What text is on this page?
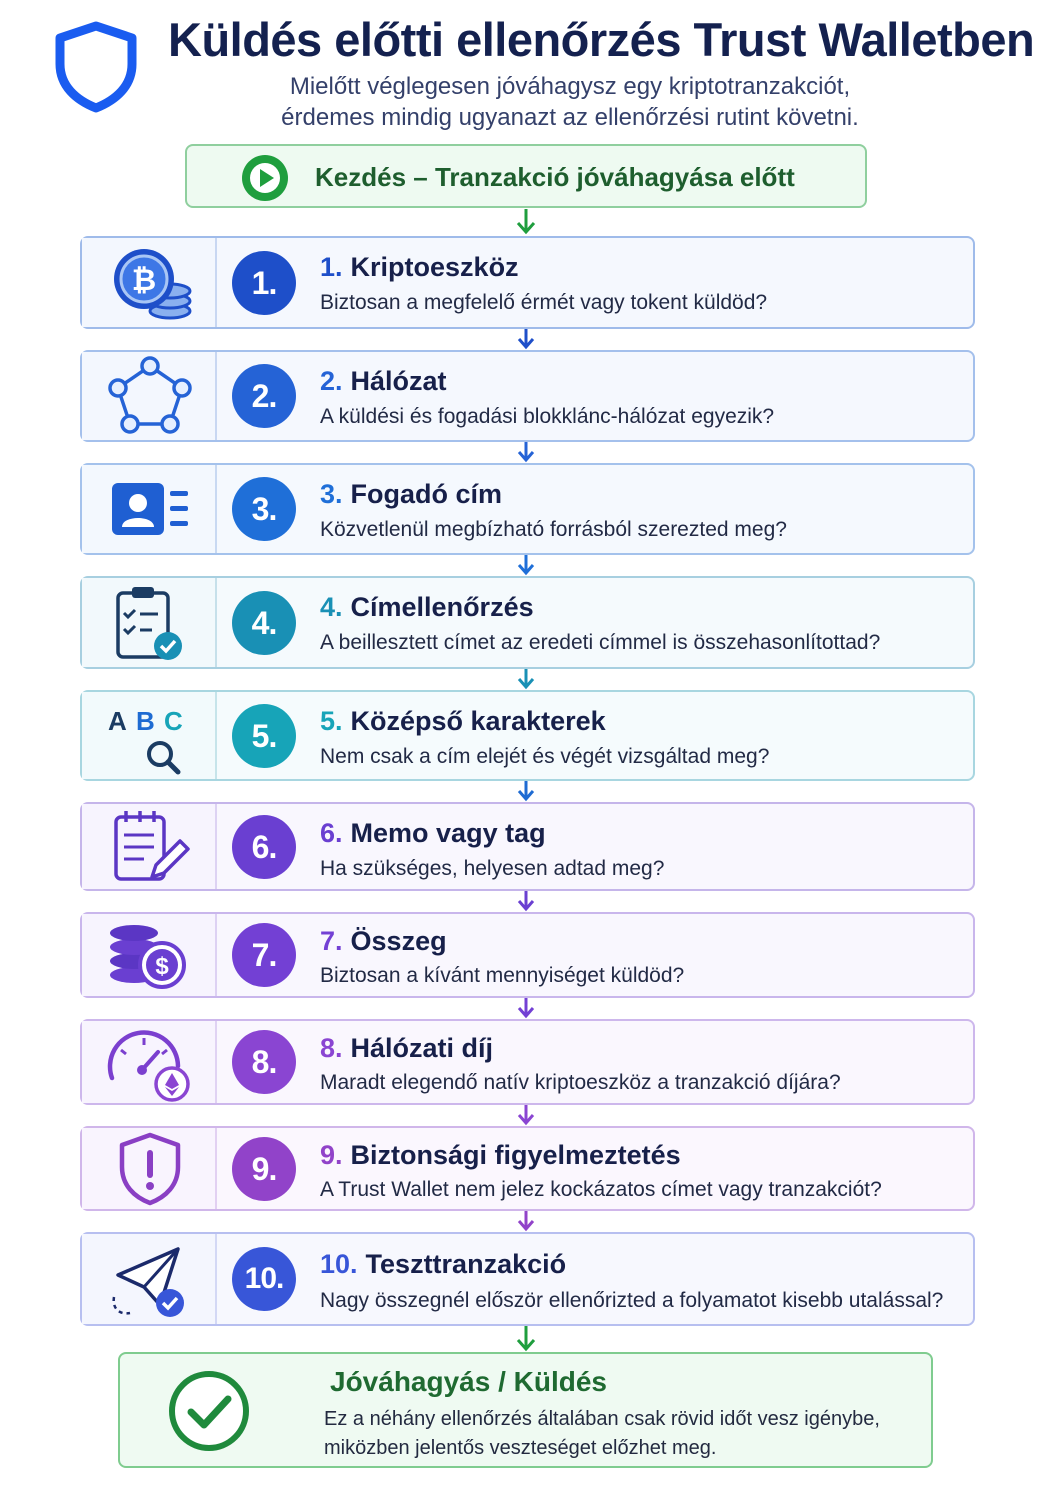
Küldés előtti ellenőrzés Trust Walletben
Mielőtt véglegesen jóváhagysz egy kriptotranzakciót,
érdemes mindig ugyanazt az ellenőrzési rutint követni.
Kezdés – Tranzakció jóváhagyása előtt
₿	1.	1. Kriptoeszköz
Biztosan a megfelelő érmét vagy tokent küldöd?
2.	2. Hálózat
A küldési és fogadási blokklánc-hálózat egyezik?
3.	3. Fogadó cím
Közvetlenül megbízható forrásból szerezted meg?
4.	4. Címellenőrzés
A beillesztett címet az eredeti címmel is összehasonlítottad?
A B C	5.	5. Középső karakterek
Nem csak a cím elejét és végét vizsgáltad meg?
6.	6. Memo vagy tag
Ha szükséges, helyesen adtad meg?
$	7.	7. Összeg
Biztosan a kívánt mennyiséget küldöd?
8.	8. Hálózati díj
Maradt elegendő natív kriptoeszköz a tranzakció díjára?
9.	9. Biztonsági figyelmeztetés
A Trust Wallet nem jelez kockázatos címet vagy tranzakciót?
10.	10. Teszttranzakció
Nagy összegnél először ellenőrizted a folyamatot kisebb utalással?
Jóváhagyás / Küldés
Ez a néhány ellenőrzés általában csak rövid időt vesz igénybe,
miközben jelentős veszteséget előzhet meg.
